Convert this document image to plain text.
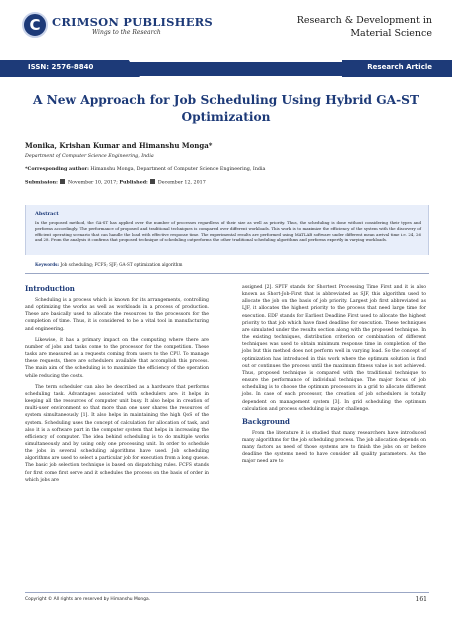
C	CRIMSON PUBLISHERS
Wings to the Research
Research & Development in
Material Science
ISSN: 2576-8840	Research Article
A New Approach for Job Scheduling Using Hybrid GA-ST Optimization
Monika, Krishan Kumar and Himanshu Monga*
Department of Computer Science Engineering, India
*Corresponding author: Himanshu Monga, Department of Computer Science Engineering, India
Submission: November 10, 2017; Published: December 12, 2017
Abstract
In the proposed method, the GA-ST has applied over the number of processes regardless of their size as well as priority. Thus, the scheduling is done without considering their types and performs accordingly. The performance of proposed and traditional techniques is compared over different workloads. This work is to maximize the efficiency of the system with the discovery of efficient operating scenario that can handle the load with effective response time. The experimental results are performed using MATLAB software under different mean arrival time i.e. 24, 26 and 28. From the analysis it confirms that proposed technique of scheduling outperforms the other traditional scheduling algorithms and performs expertly in varying workloads.
Keywords: Job scheduling; FCFS; SJF; GA-ST optimization algorithm
Introduction

Scheduling is a process which is known for its arrangements, controlling and optimizing the works as well as workloads in a process of production. These are basically used to allocate the resources to the processors for the completion of time. Thus, it is considered to be a vital tool in manufacturing and engineering.

Likewise, it has a primary impact on the computing where there are number of jobs and tasks come to the processor for the competition. These tasks are measured as a requests coming from users to the CPU. To manage these requests, there are schedulers available that accomplish this process. The main aim of the scheduling is to maximize the efficiency of the operation while reducing the costs.

The term scheduler can also be described as a hardware that performs scheduling task. Advantages associated with schedulers are: it helps in keeping all the resources of computer unit busy. It also helps in creation of multi-user environment so that more than one user shares the resources of system simultaneously [1]. It also helps in maintaining the high QoS of the system. Scheduling uses the concept of calculation for allocation of task, and also it is a software part in the computer system that helps in increasing the efficiency of computer. The idea behind scheduling is to do multiple works simultaneously and by using only one processing unit. In order to schedule the jobs in several scheduling algorithms have used. Job scheduling algorithms are used to select a particular job for execution from a long queue. The basic job selection technique is based on dispatching rules. FCFS stands for first come first serve and it schedules the process on the basis of order in which jobs are

assigned [2]. SPTF stands for Shortest Processing Time First and it is also known as Short-Job-First that is abbreviated as SJF, this algorithm used to allocate the job on the basis of job priority. Largest job first abbreviated as LJF, it allocates the highest priority to the process that need large time for execution. EDF stands for Earliest Deadline First used to allocate the highest priority to that job which have fixed deadline for execution. These techniques are simulated under the results section along with the proposed technique. In the existing techniques, distribution criterion or combination of different techniques was used to obtain minimum response time in completion of the jobs but this method does not perform well in varying load. So the concept of optimization has introduced in this work where the optimum solution is find out or continues the process until the maximum fitness value is not achieved. Thus, proposed technique is compared with the traditional technique to ensure the performance of individual technique. The major focus of job scheduling is to choose the optimum processors in a grid to allocate different jobs. In case of each processor, the creation of job schedulers is totally dependent on management system [3]. In grid scheduling the optimum calculation and process scheduling is major challenge.

Background

From the literature it is studied that many researchers have introduced many algorithms for the job scheduling process. The job allocation depends on many factors as need of those systems are to finish the jobs on or before deadline the systems need to have consider all quality parameters. As the major need are to

Copyright © All rights are reserved by Himanshu Monga.	161
